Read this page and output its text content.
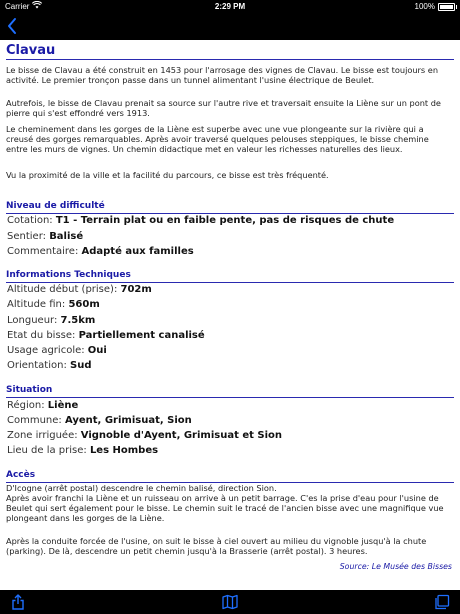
Carrier	2:29 PM	100%
Clavau

Le bisse de Clavau a été construit en 1453 pour l'arrosage des vignes de Clavau. Le bisse est toujours en activité. Le premier tronçon passe dans un tunnel alimentant l'usine électrique de Beulet.

Autrefois, le bisse de Clavau prenait sa source sur l'autre rive et traversait ensuite la Liène sur un pont de pierre qui s'est effondré vers 1913.

Le cheminement dans les gorges de la Liène est superbe avec une vue plongeante sur la rivière qui a creusé des gorges remarquables. Après avoir traversé quelques pelouses steppiques, le bisse chemine entre les murs de vignes. Un chemin didactique met en valeur les richesses naturelles des lieux.

Vu la proximité de la ville et la facilité du parcours, ce bisse est très fréquenté.

Niveau de difficulté
Cotation: T1 - Terrain plat ou en faible pente, pas de risques de chute
Sentier: Balisé
Commentaire: Adapté aux familles
Informations Techniques
Altitude début (prise): 702m
Altitude fin: 560m
Longueur: 7.5km
Etat du bisse: Partiellement canalisé
Usage agricole: Oui
Orientation: Sud
Situation
Région: Liène
Commune: Ayent, Grimisuat, Sion
Zone irriguée: Vignoble d'Ayent, Grimisuat et Sion
Lieu de la prise: Les Hombes
Accès

D'Icogne (arrêt postal) descendre le chemin balisé, direction Sion.
Après avoir franchi la Liène et un ruisseau on arrive à un petit barrage. C'es la prise d'eau pour l'usine de Beulet qui sert également pour le bisse. Le chemin suit le tracé de l'ancien bisse avec une magnifique vue plongeant dans les gorges de la Liène.

Après la conduite forcée de l'usine, on suit le bisse à ciel ouvert au milieu du vignoble jusqu'à la chute (parking). De là, descendre un petit chemin jusqu'à la Brasserie (arrêt postal). 3 heures.

Source: Le Musée des Bisses
